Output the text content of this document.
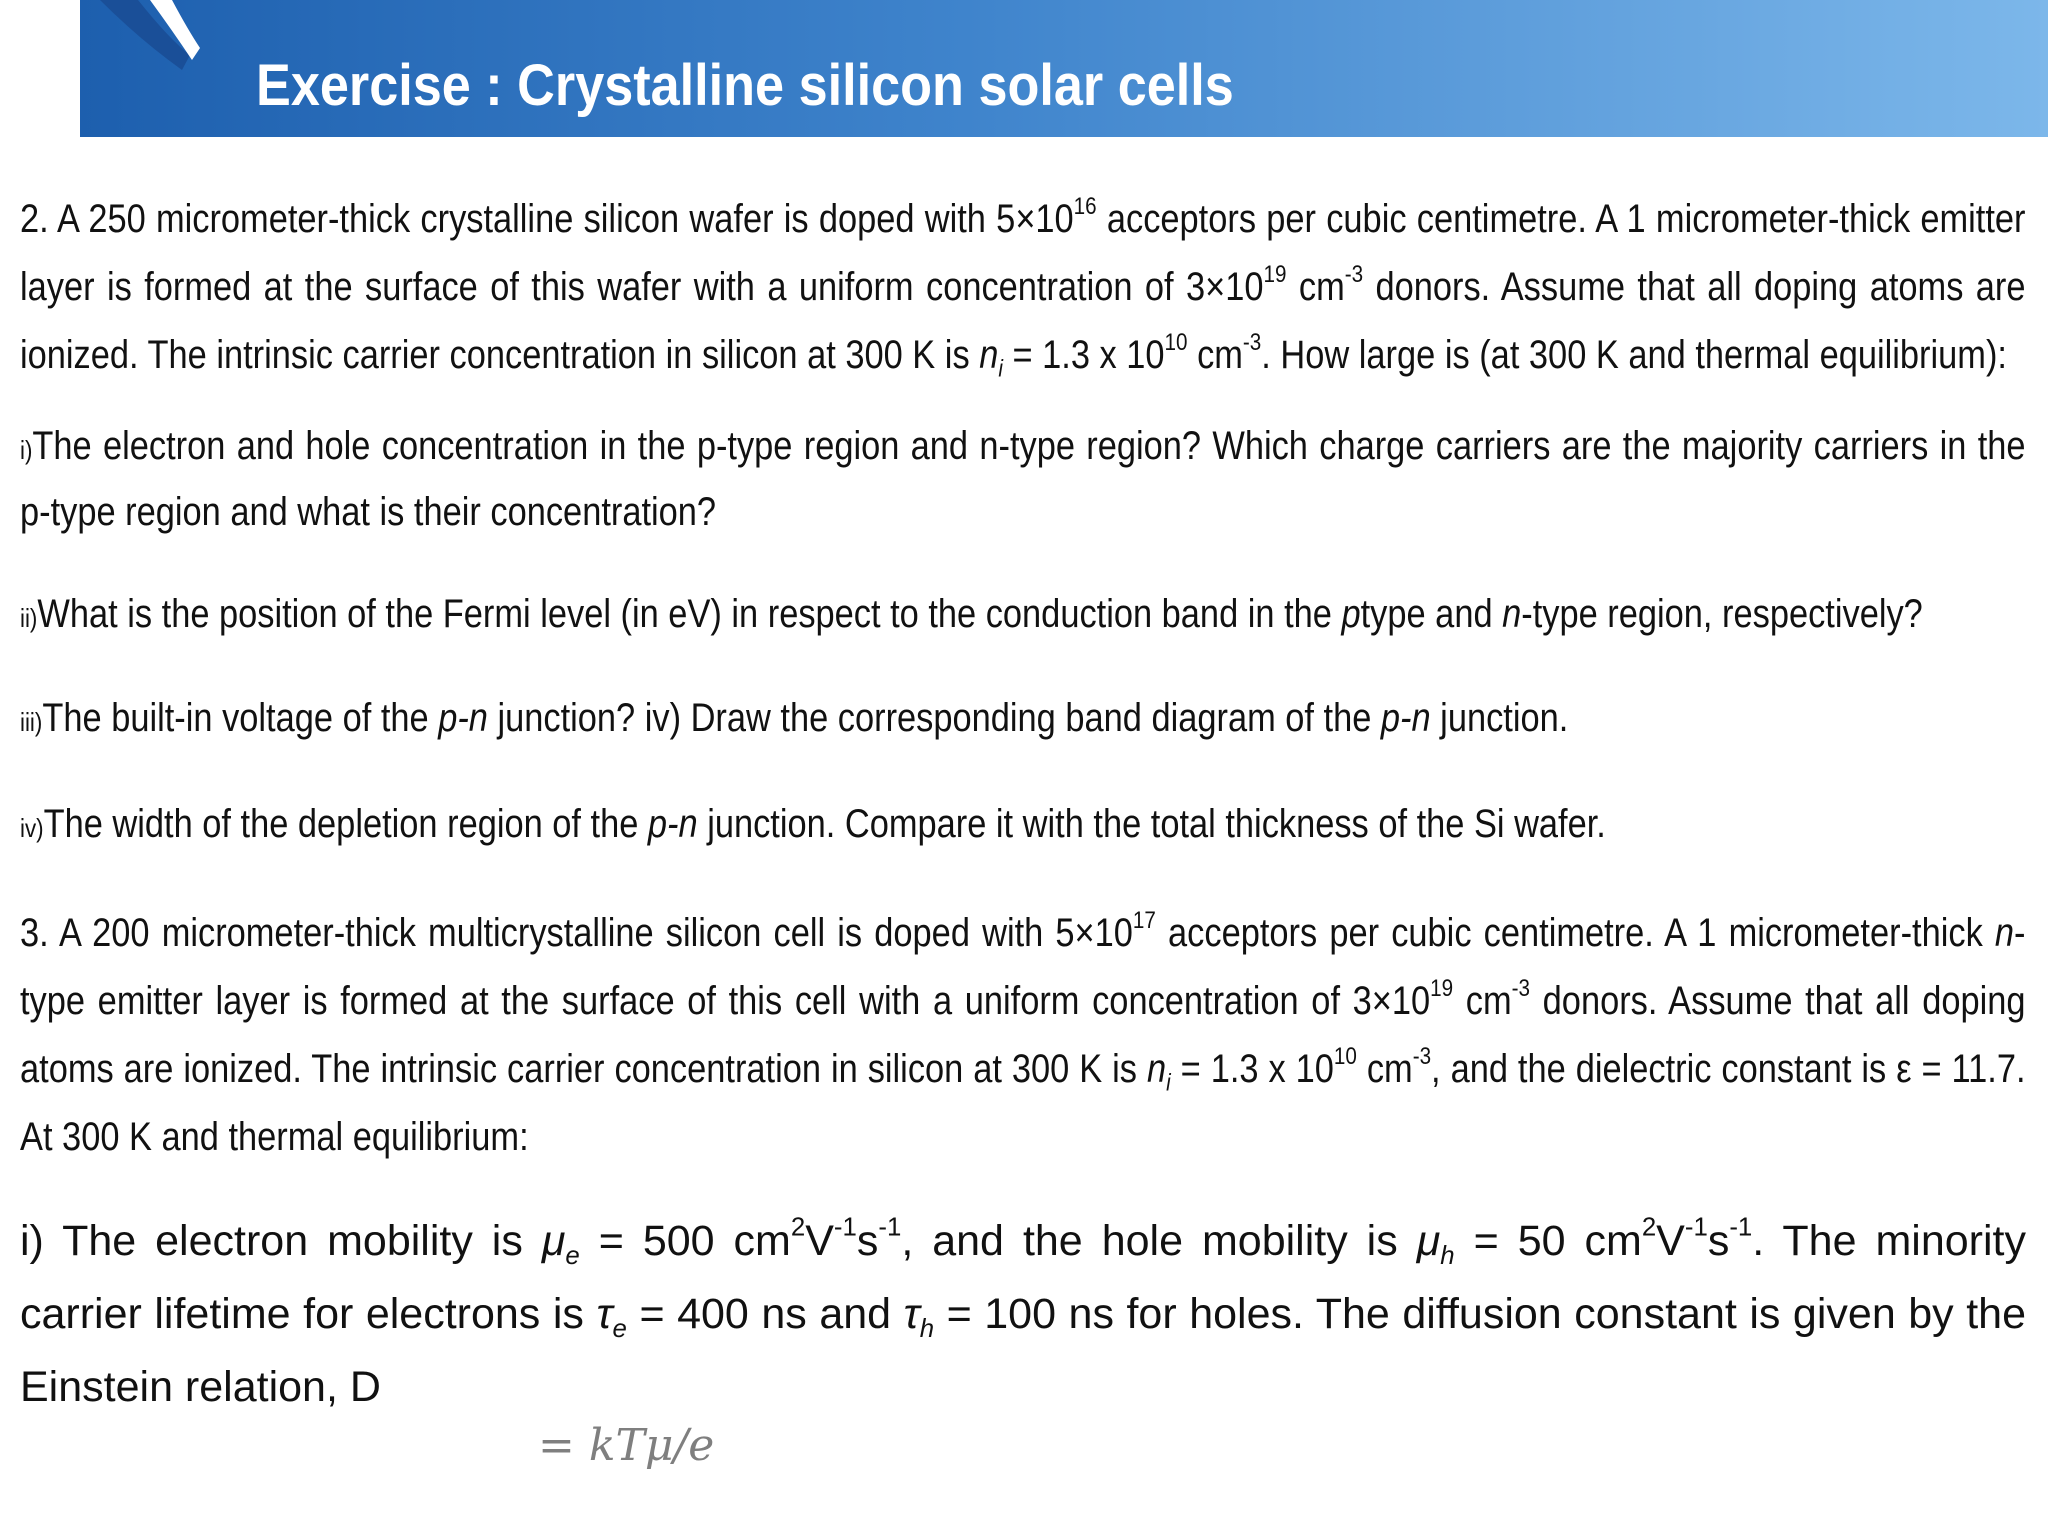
Exercise : Crystalline silicon solar cells

2. A 250 micrometer-thick crystalline silicon wafer is doped with $5\times 10^{16}$ acceptors per cubic centimetre. A 1 micrometer-thick emitter layer is formed at the surface of this wafer with a uniform concentration of $3\times 10^{19}$ $cm^{-3}$ donors. Assume that all doping atoms are ionized. The intrinsic carrier concentration in silicon at 300 K is $n_i = 1.3$ x $10^{10}$ $cm^{-3}$. How large is (at 300 K and thermal equilibrium):

i)The electron and hole concentration in the p-type region and n-type region? Which charge carriers are the majority carriers in the p-type region and what is their concentration?

ii)What is the position of the Fermi level (in eV) in respect to the conduction band in the ptype and n-type region, respectively?

iii)The built-in voltage of the p-n junction? iv) Draw the corresponding band diagram of the p-n junction.

iv)The width of the depletion region of the p-n junction. Compare it with the total thickness of the Si wafer.

3. A 200 micrometer-thick multicrystalline silicon cell is doped with $5\times 10^{17}$ acceptors per cubic centimetre. A 1 micrometer-thick n-type emitter layer is formed at the surface of this cell with a uniform concentration of $3\times 10^{19}$ $cm^{-3}$ donors. Assume that all doping atoms are ionized. The intrinsic carrier concentration in silicon at 300 K is $n_i = 1.3$ x $10^{10}$ $cm^{-3}$, and the dielectric constant is ε = 11.7. At 300 K and thermal equilibrium:

i) The electron mobility is $\mu_e = 500$ $cm^2V^{-1}s^{-1}$, and the hole mobility is $\mu_h = 50$ $cm^2V^{-1}s^{-1}$. The minority carrier lifetime for electrons is $\tau_e = 400$ ns and $\tau_h = 100$ ns for holes. The diffusion constant is given by the Einstein relation, D

= kTμ/e
